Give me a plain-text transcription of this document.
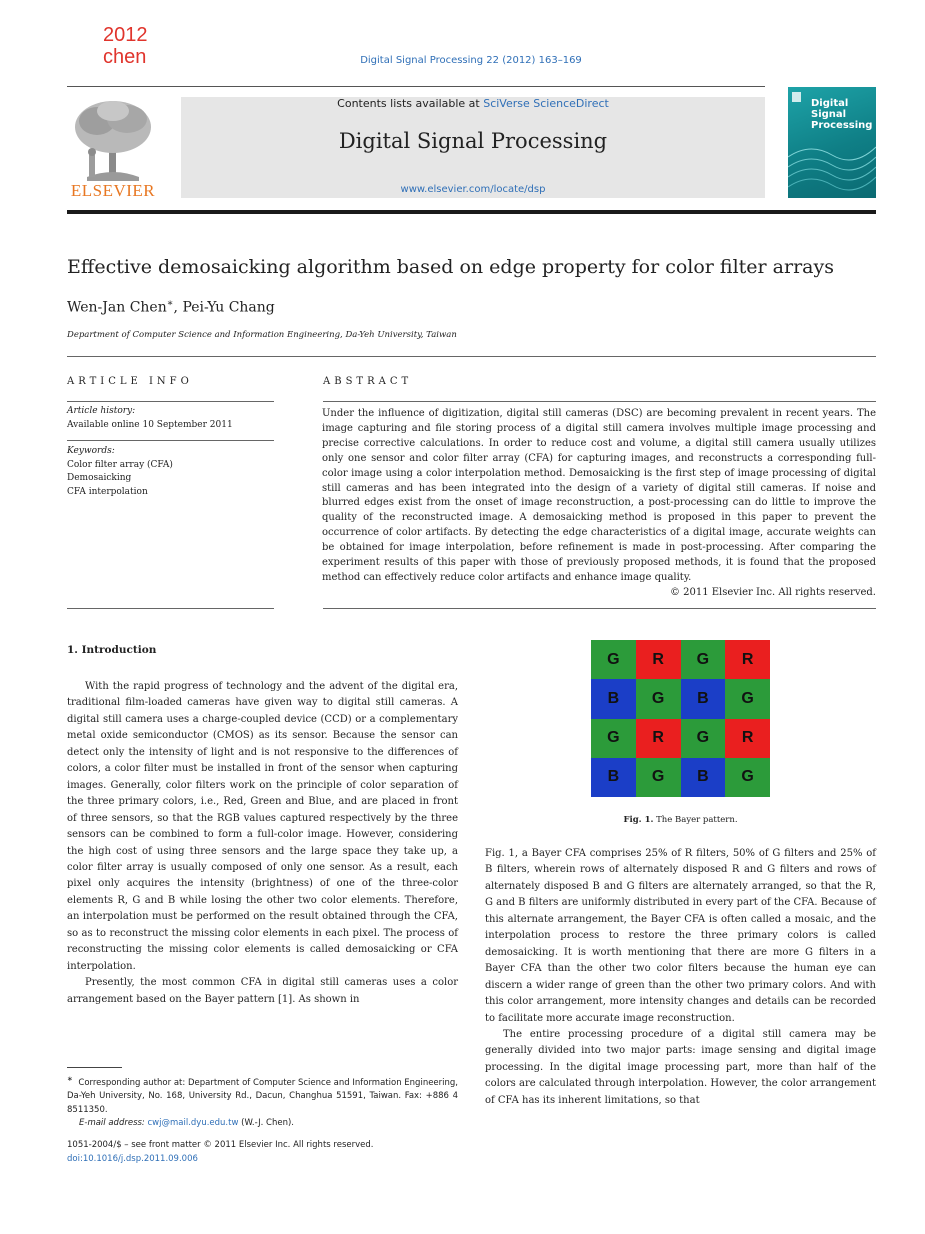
2012
chen	Digital Signal Processing 22 (2012) 163–169
ELSEVIER
Contents lists available at SciVerse ScienceDirect
Digital Signal Processing
www.elsevier.com/locate/dsp
Digital
Signal
Processing
Effective demosaicking algorithm based on edge property for color filter arrays
Wen-Jan Chen∗, Pei-Yu Chang
Department of Computer Science and Information Engineering, Da-Yeh University, Taiwan
ARTICLE INFO
Article history:
Available online 10 September 2011
Keywords:
Color filter array (CFA)
Demosaicking
CFA interpolation
ABSTRACT
Under the influence of digitization, digital still cameras (DSC) are becoming prevalent in recent years. The image capturing and file storing process of a digital still camera involves multiple image processing and precise corrective calculations. In order to reduce cost and volume, a digital still camera usually utilizes only one sensor and color filter array (CFA) for capturing images, and reconstructs a corresponding full-color image using a color interpolation method. Demosaicking is the first step of image processing of digital still cameras and has been integrated into the design of a variety of digital still cameras. If noise and blurred edges exist from the onset of image reconstruction, a post-processing can do little to improve the quality of the reconstructed image. A demosaicking method is proposed in this paper to prevent the occurrence of color artifacts. By detecting the edge characteristics of a digital image, accurate weights can be obtained for image interpolation, before refinement is made in post-processing. After comparing the experiment results of this paper with those of previously proposed methods, it is found that the proposed method can effectively reduce color artifacts and enhance image quality.
© 2011 Elsevier Inc. All rights reserved.
1. Introduction

With the rapid progress of technology and the advent of the digital era, traditional film-loaded cameras have given way to digital still cameras. A digital still camera uses a charge-coupled device (CCD) or a complementary metal oxide semiconductor (CMOS) as its sensor. Because the sensor can detect only the intensity of light and is not responsive to the differences of colors, a color filter must be installed in front of the sensor when capturing images. Generally, color filters work on the principle of color separation of the three primary colors, i.e., Red, Green and Blue, and are placed in front of three sensors, so that the RGB values captured respectively by the three sensors can be combined to form a full-color image. However, considering the high cost of using three sensors and the large space they take up, a color filter array is usually composed of only one sensor. As a result, each pixel only acquires the intensity (brightness) of one of the three-color elements R, G and B while losing the other two color elements. Therefore, an interpolation must be performed on the result obtained through the CFA, so as to reconstruct the missing color elements in each pixel. The process of reconstructing the missing color elements is called demosaicking or CFA interpolation.

Presently, the most common CFA in digital still cameras uses a color arrangement based on the Bayer pattern [1]. As shown in

G	R	G	R
B	G	B	G
G	R	G	R
B	G	B	G
Fig. 1. The Bayer pattern.

Fig. 1, a Bayer CFA comprises 25% of R filters, 50% of G filters and 25% of B filters, wherein rows of alternately disposed R and G filters and rows of alternately disposed B and G filters are alternately arranged, so that the R, G and B filters are uniformly distributed in every part of the CFA. Because of this alternate arrangement, the Bayer CFA is often called a mosaic, and the interpolation process to restore the three primary colors is called demosaicking. It is worth mentioning that there are more G filters in a Bayer CFA than the other two color filters because the human eye can discern a wider range of green than the other two primary colors. And with this color arrangement, more intensity changes and details can be recorded to facilitate more accurate image reconstruction.

The entire processing procedure of a digital still camera may be generally divided into two major parts: image sensing and digital image processing. In the digital image processing part, more than half of the colors are calculated through interpolation. However, the color arrangement of CFA has its inherent limitations, so that

∗ Corresponding author at: Department of Computer Science and Information Engineering, Da-Yeh University, No. 168, University Rd., Dacun, Changhua 51591, Taiwan. Fax: +886 4 8511350.
E-mail address: cwj@mail.dyu.edu.tw (W.-J. Chen).
1051-2004/$ – see front matter © 2011 Elsevier Inc. All rights reserved.
doi:10.1016/j.dsp.2011.09.006
